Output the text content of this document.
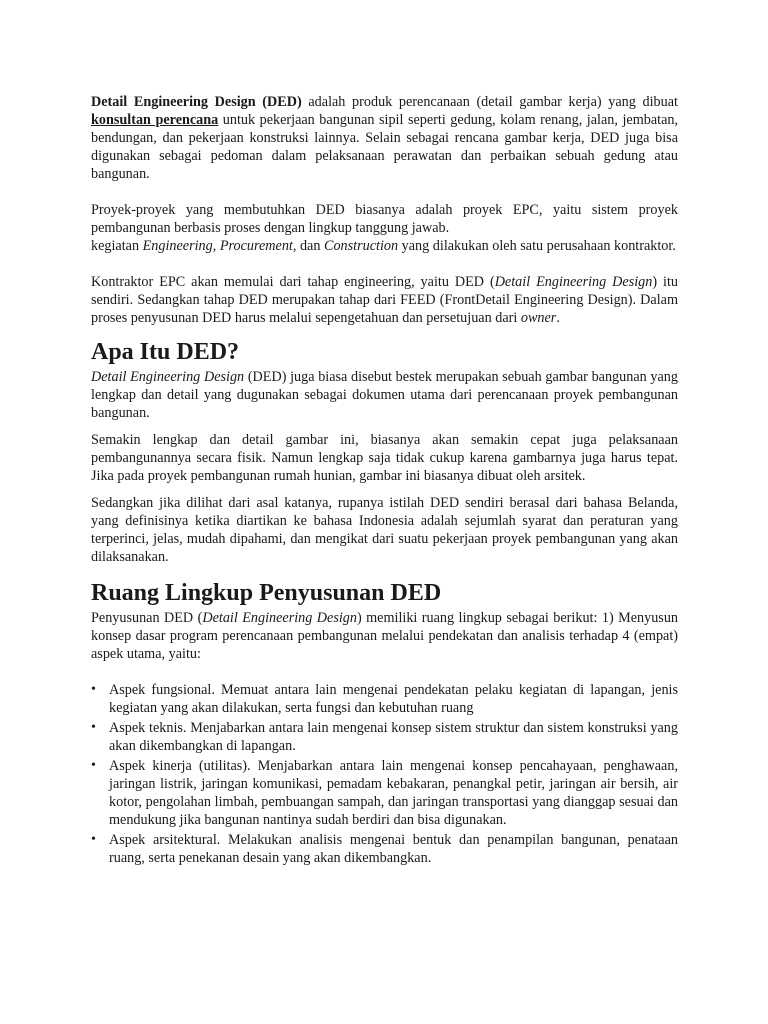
Detail Engineering Design (DED) adalah produk perencanaan (detail gambar kerja) yang dibuat konsultan perencana untuk pekerjaan bangunan sipil seperti gedung, kolam renang, jalan, jembatan, bendungan, dan pekerjaan konstruksi lainnya. Selain sebagai rencana gambar kerja, DED juga bisa digunakan sebagai pedoman dalam pelaksanaan perawatan dan perbaikan sebuah gedung atau bangunan.

Proyek-proyek yang membutuhkan DED biasanya adalah proyek EPC, yaitu sistem proyek pembangunan berbasis proses dengan lingkup tanggung jawab.

kegiatan Engineering, Procurement, dan Construction yang dilakukan oleh satu perusahaan kontraktor.

Kontraktor EPC akan memulai dari tahap engineering, yaitu DED (Detail Engineering Design) itu sendiri. Sedangkan tahap DED merupakan tahap dari FEED (FrontDetail Engineering Design). Dalam proses penyusunan DED harus melalui sepengetahuan dan persetujuan dari owner.

Apa Itu DED?

Detail Engineering Design (DED) juga biasa disebut bestek merupakan sebuah gambar bangunan yang lengkap dan detail yang dugunakan sebagai dokumen utama dari perencanaan proyek pembangunan bangunan.

Semakin lengkap dan detail gambar ini, biasanya akan semakin cepat juga pelaksanaan pembangunannya secara fisik. Namun lengkap saja tidak cukup karena gambarnya juga harus tepat. Jika pada proyek pembangunan rumah hunian, gambar ini biasanya dibuat oleh arsitek.

Sedangkan jika dilihat dari asal katanya, rupanya istilah DED sendiri berasal dari bahasa Belanda, yang definisinya ketika diartikan ke bahasa Indonesia adalah sejumlah syarat dan peraturan yang terperinci, jelas, mudah dipahami, dan mengikat dari suatu pekerjaan proyek pembangunan yang akan dilaksanakan.

Ruang Lingkup Penyusunan DED

Penyusunan DED (Detail Engineering Design) memiliki ruang lingkup sebagai berikut: 1) Menyusun konsep dasar program perencanaan pembangunan melalui pendekatan dan analisis terhadap 4 (empat) aspek utama, yaitu:

• Aspek fungsional. Memuat antara lain mengenai pendekatan pelaku kegiatan di lapangan, jenis kegiatan yang akan dilakukan, serta fungsi dan kebutuhan ruang
• Aspek teknis. Menjabarkan antara lain mengenai konsep sistem struktur dan sistem konstruksi yang akan dikembangkan di lapangan.
• Aspek kinerja (utilitas). Menjabarkan antara lain mengenai konsep pencahayaan, penghawaan, jaringan listrik, jaringan komunikasi, pemadam kebakaran, penangkal petir, jaringan air bersih, air kotor, pengolahan limbah, pembuangan sampah, dan jaringan transportasi yang dianggap sesuai dan mendukung jika bangunan nantinya sudah berdiri dan bisa digunakan.
• Aspek arsitektural. Melakukan analisis mengenai bentuk dan penampilan bangunan, penataan ruang, serta penekanan desain yang akan dikembangkan.
